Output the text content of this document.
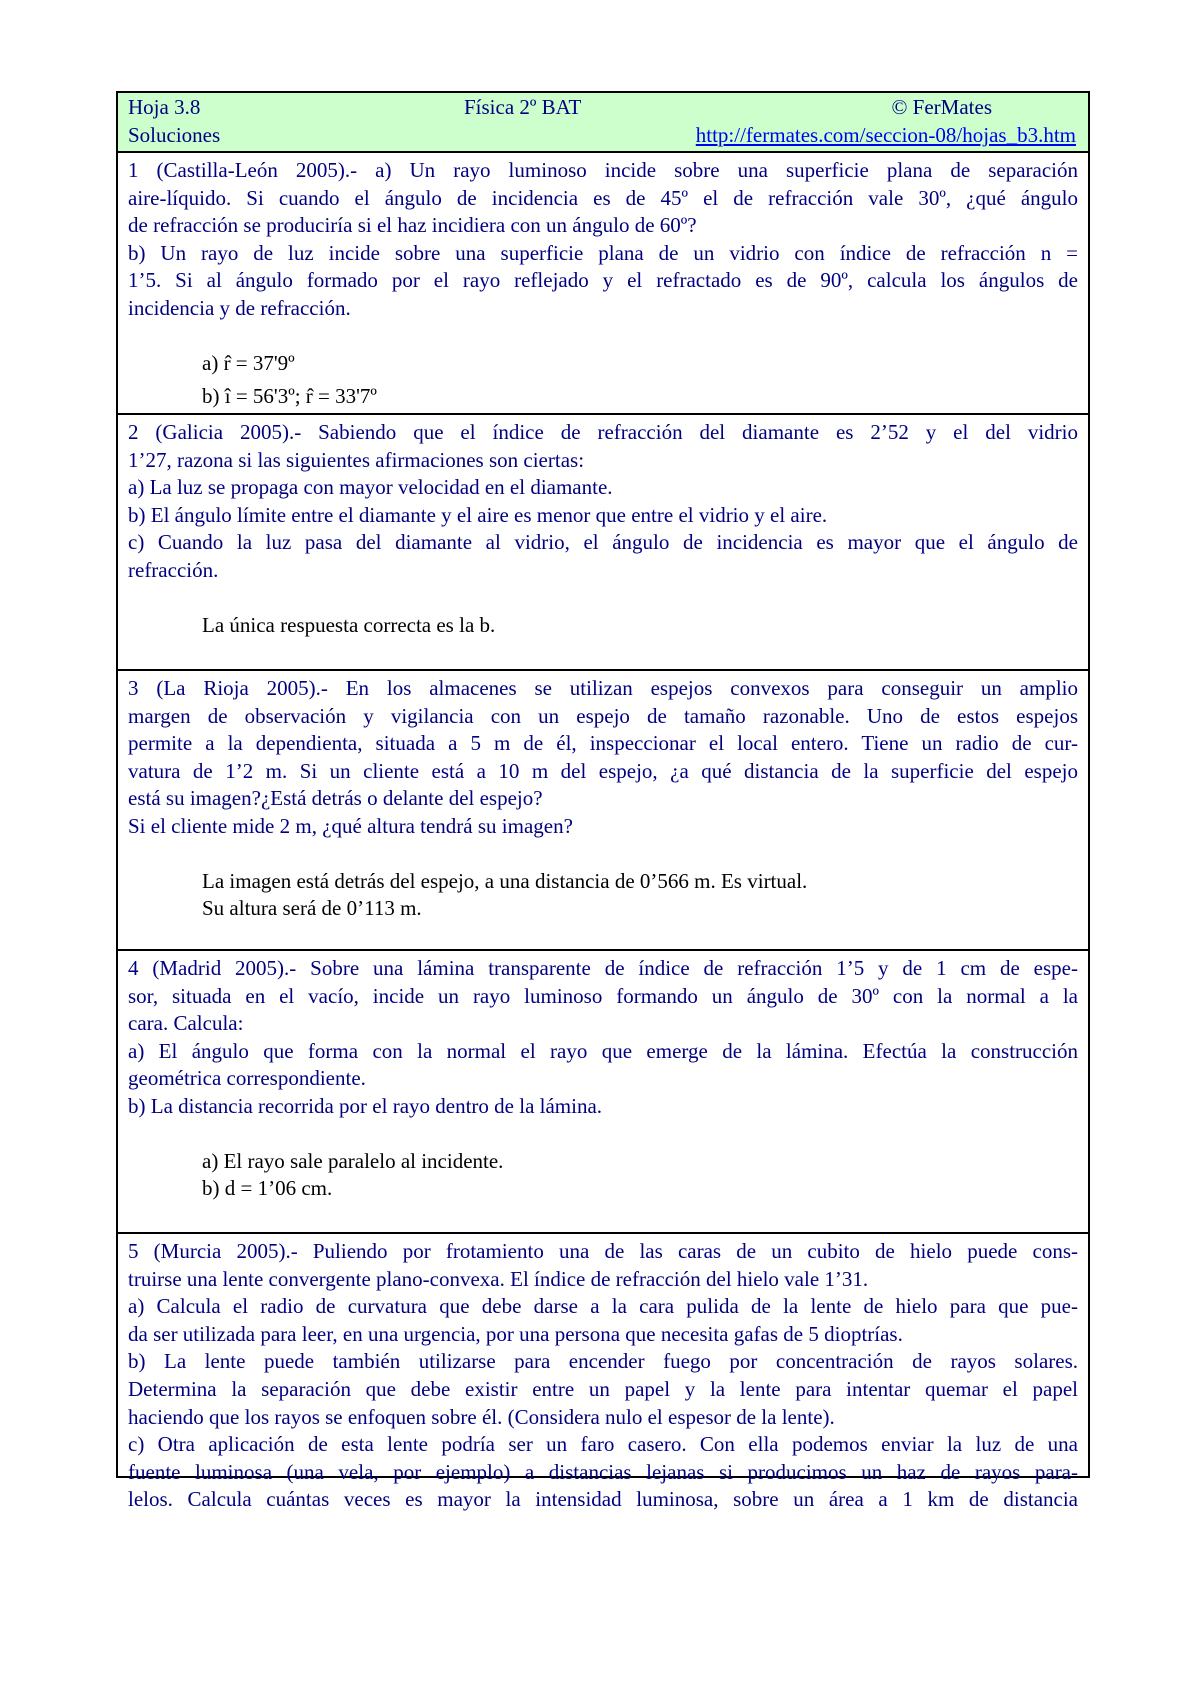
Hoja 3.8
Soluciones
Física 2º BAT	© FerMates
http://fermates.com/seccion-08/hojas_b3.htm

1 (Castilla-León 2005).- a) Un rayo luminoso incide sobre una superficie plana de separación

aire-líquido. Si cuando el ángulo de incidencia es de 45º el de refracción vale 30º, ¿qué ángulo

de refracción se produciría si el haz incidiera con un ángulo de 60º?

b) Un rayo de luz incide sobre una superficie plana de un vidrio con índice de refracción n =

1’5. Si al ángulo formado por el rayo reflejado y el refractado es de 90º, calcula los ángulos de

incidencia y de refracción.

a) r̂ = 37'9º
b) î = 56'3º; r̂ = 33'7º

2 (Galicia 2005).- Sabiendo que el índice de refracción del diamante es 2’52 y el del vidrio

1’27, razona si las siguientes afirmaciones son ciertas:

a) La luz se propaga con mayor velocidad en el diamante.

b) El ángulo límite entre el diamante y el aire es menor que entre el vidrio y el aire.

c) Cuando la luz pasa del diamante al vidrio, el ángulo de incidencia es mayor que el ángulo de

refracción.

La única respuesta correcta es la b.

3 (La Rioja 2005).- En los almacenes se utilizan espejos convexos para conseguir un amplio

margen de observación y vigilancia con un espejo de tamaño razonable. Uno de estos espejos

permite a la dependienta, situada a 5 m de él, inspeccionar el local entero. Tiene un radio de cur-

vatura de 1’2 m. Si un cliente está a 10 m del espejo, ¿a qué distancia de la superficie del espejo

está su imagen?¿Está detrás o delante del espejo?

Si el cliente mide 2 m, ¿qué altura tendrá su imagen?

La imagen está detrás del espejo, a una distancia de 0’566 m. Es virtual.
Su altura será de 0’113 m.

4 (Madrid 2005).- Sobre una lámina transparente de índice de refracción 1’5 y de 1 cm de espe-

sor, situada en el vacío, incide un rayo luminoso formando un ángulo de 30º con la normal a la

cara. Calcula:

a) El ángulo que forma con la normal el rayo que emerge de la lámina. Efectúa la construcción

geométrica correspondiente.

b) La distancia recorrida por el rayo dentro de la lámina.

a) El rayo sale paralelo al incidente.
b) d = 1’06 cm.

5 (Murcia 2005).- Puliendo por frotamiento una de las caras de un cubito de hielo puede cons-

truirse una lente convergente plano-convexa. El índice de refracción del hielo vale 1’31.

a) Calcula el radio de curvatura que debe darse a la cara pulida de la lente de hielo para que pue-

da ser utilizada para leer, en una urgencia, por una persona que necesita gafas de 5 dioptrías.

b) La lente puede también utilizarse para encender fuego por concentración de rayos solares.

Determina la separación que debe existir entre un papel y la lente para intentar quemar el papel

haciendo que los rayos se enfoquen sobre él. (Considera nulo el espesor de la lente).

c) Otra aplicación de esta lente podría ser un faro casero. Con ella podemos enviar la luz de una

fuente luminosa (una vela, por ejemplo) a distancias lejanas si producimos un haz de rayos para-

lelos. Calcula cuántas veces es mayor la intensidad luminosa, sobre un área a 1 km de distancia
